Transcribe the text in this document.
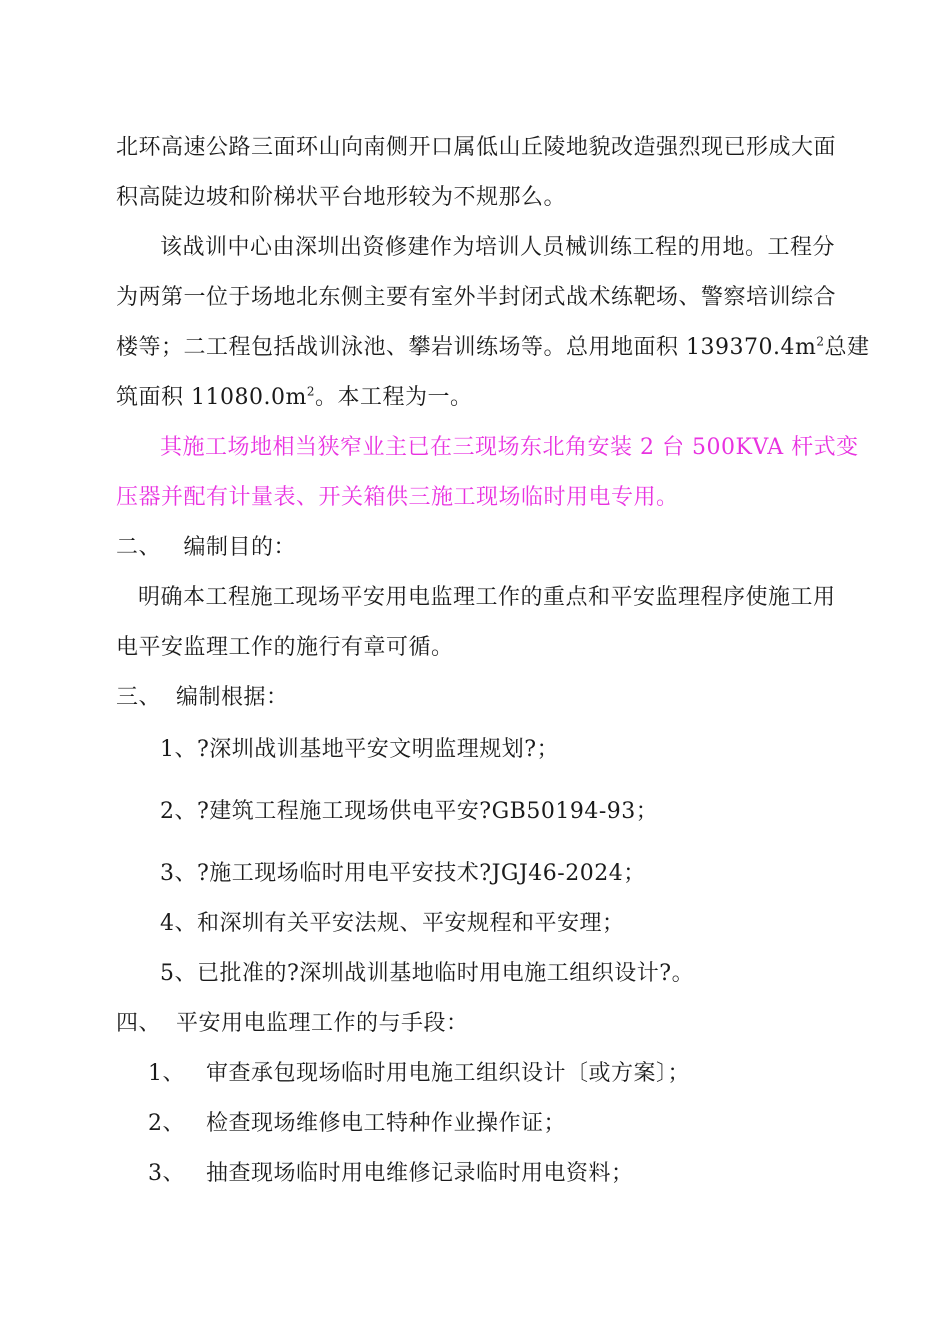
北环高速公路三面环山向南侧开口属低山丘陵地貌改造强烈现已形成大面
积高陡边坡和阶梯状平台地形较为不规那么。
该战训中心由深圳出资修建作为培训人员械训练工程的用地。工程分
为两第一位于场地北东侧主要有室外半封闭式战术练靶场、警察培训综合
楼等；二工程包括战训泳池、攀岩训练场等。总用地面积 $139370.4m^2$总建
筑面积 $11080.0m^2$。本工程为一。
其施工场地相当狭窄业主已在三现场东北角安装 2 台 500KVA 杆式变
压器并配有计量表、开关箱供三施工现场临时用电专用。
二、   编制目的：
明确本工程施工现场平安用电监理工作的重点和平安监理程序使施工用
电平安监理工作的施行有章可循。
三、  编制根据：
1、?深圳战训基地平安文明监理规划?；
2、?建筑工程施工现场供电平安?GB50194-93；
3、?施工现场临时用电平安技术?JGJ46-2024；
4、和深圳有关平安法规、平安规程和平安理；
5、已批准的?深圳战训基地临时用电施工组织设计?。
四、  平安用电监理工作的与手段：
1、 审查承包现场临时用电施工组织设计〔或方案〕；
2、 检查现场维修电工特种作业操作证；
3、 抽查现场临时用电维修记录临时用电资料；
